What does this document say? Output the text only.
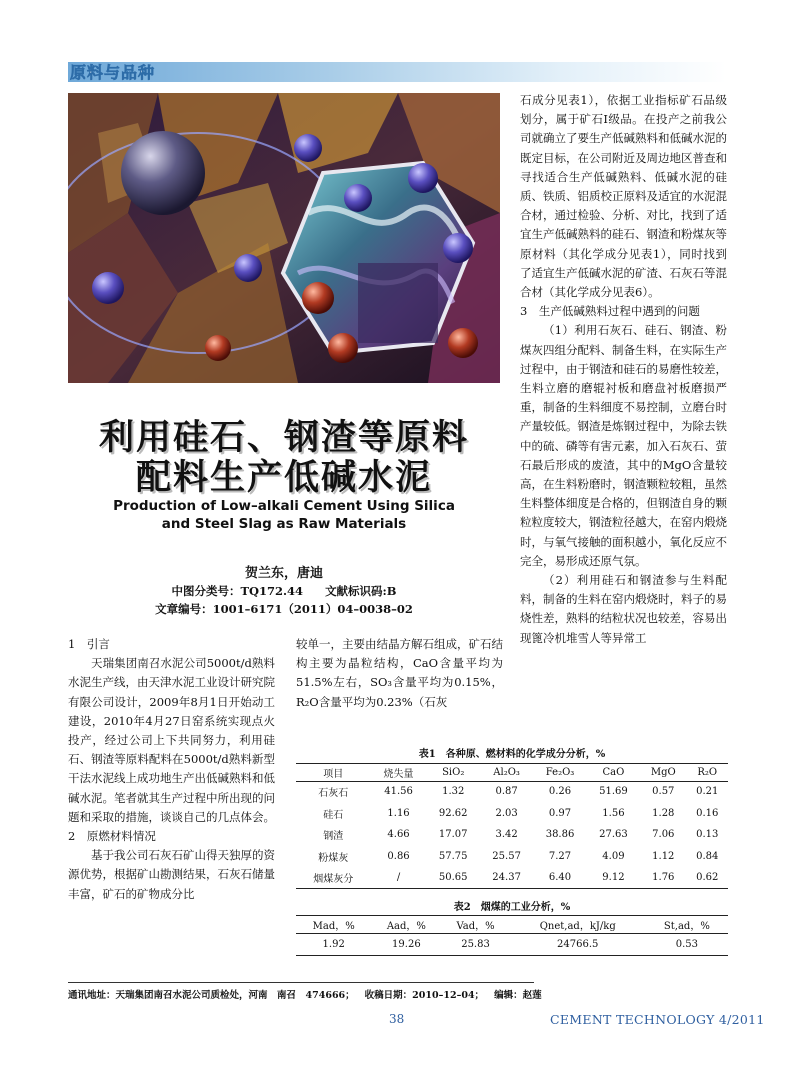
原料与品种
利用硅石、钢渣等原料
配料生产低碱水泥
Production of Low–alkali Cement Using Silica
and Steel Slag as Raw Materials
贺兰东，唐迪
中图分类号：TQ172.44 文献标识码:B
文章编号：1001–6171（2011）04–0038–02

石成分见表1），依据工业指标矿石品级划分，属于矿石Ⅰ级品。在投产之前我公司就确立了要生产低碱熟料和低碱水泥的既定目标，在公司附近及周边地区普查和寻找适合生产低碱熟料、低碱水泥的硅质、铁质、铝质校正原料及适宜的水泥混合材，通过检验、分析、对比，找到了适宜生产低碱熟料的硅石、钢渣和粉煤灰等原材料（其化学成分见表1），同时找到了适宜生产低碱水泥的矿渣、石灰石等混合材（其化学成分见表6）。

3　生产低碱熟料过程中遇到的问题

（1）利用石灰石、硅石、钢渣、粉煤灰四组分配料、制备生料，在实际生产过程中，由于钢渣和硅石的易磨性较差，生料立磨的磨辊衬板和磨盘衬板磨损严重，制备的生料细度不易控制，立磨台时产量较低。钢渣是炼钢过程中，为除去铁中的硫、磷等有害元素，加入石灰石、萤石最后形成的废渣，其中的MgO含量较高，在生料粉磨时，钢渣颗粒较粗，虽然生料整体细度是合格的，但钢渣自身的颗粒粒度较大，钢渣粒径越大，在窑内煅烧时，与氧气接触的面积越小，氧化反应不完全，易形成还原气氛。

（2）利用硅石和钢渣参与生料配料，制备的生料在窑内煅烧时，料子的易烧性差，熟料的结粒状况也较差，容易出现篦冷机堆雪人等异常工

1　引言

天瑞集团南召水泥公司5000t/d熟料水泥生产线，由天津水泥工业设计研究院有限公司设计，2009年8月1日开始动工建设，2010年4月27日窑系统实现点火投产，经过公司上下共同努力，利用硅石、钢渣等原料配料在5000t/d熟料新型干法水泥线上成功地生产出低碱熟料和低碱水泥。笔者就其生产过程中所出现的问题和采取的措施，谈谈自己的几点体会。

2　原燃材料情况

基于我公司石灰石矿山得天独厚的资源优势，根据矿山勘测结果，石灰石储量丰富，矿石的矿物成分比

较单一，主要由结晶方解石组成，矿石结构主要为晶粒结构，CaO含量平均为51.5%左右，SO₃含量平均为0.15%，R₂O含量平均为0.23%（石灰

表1　各种原、燃材料的化学成分分析，%
项目	烧失量	SiO₂	Al₂O₃	Fe₂O₃	CaO	MgO	R₂O
石灰石	41.56	1.32	0.87	0.26	51.69	0.57	0.21
硅石	1.16	92.62	2.03	0.97	1.56	1.28	0.16
钢渣	4.66	17.07	3.42	38.86	27.63	7.06	0.13
粉煤灰	0.86	57.75	25.57	7.27	4.09	1.12	0.84
烟煤灰分	/	50.65	24.37	6.40	9.12	1.76	0.62
表2　烟煤的工业分析，%
Mad，%	Aad，%	Vad，%	Qnet,ad，kJ/kg	St,ad，%
1.92	19.26	25.83	24766.5	0.53
通讯地址：天瑞集团南召水泥公司质检处，河南　南召　474666； 收稿日期：2010–12–04； 编辑：赵莲
38	CEMENT TECHNOLOGY 4/2011
